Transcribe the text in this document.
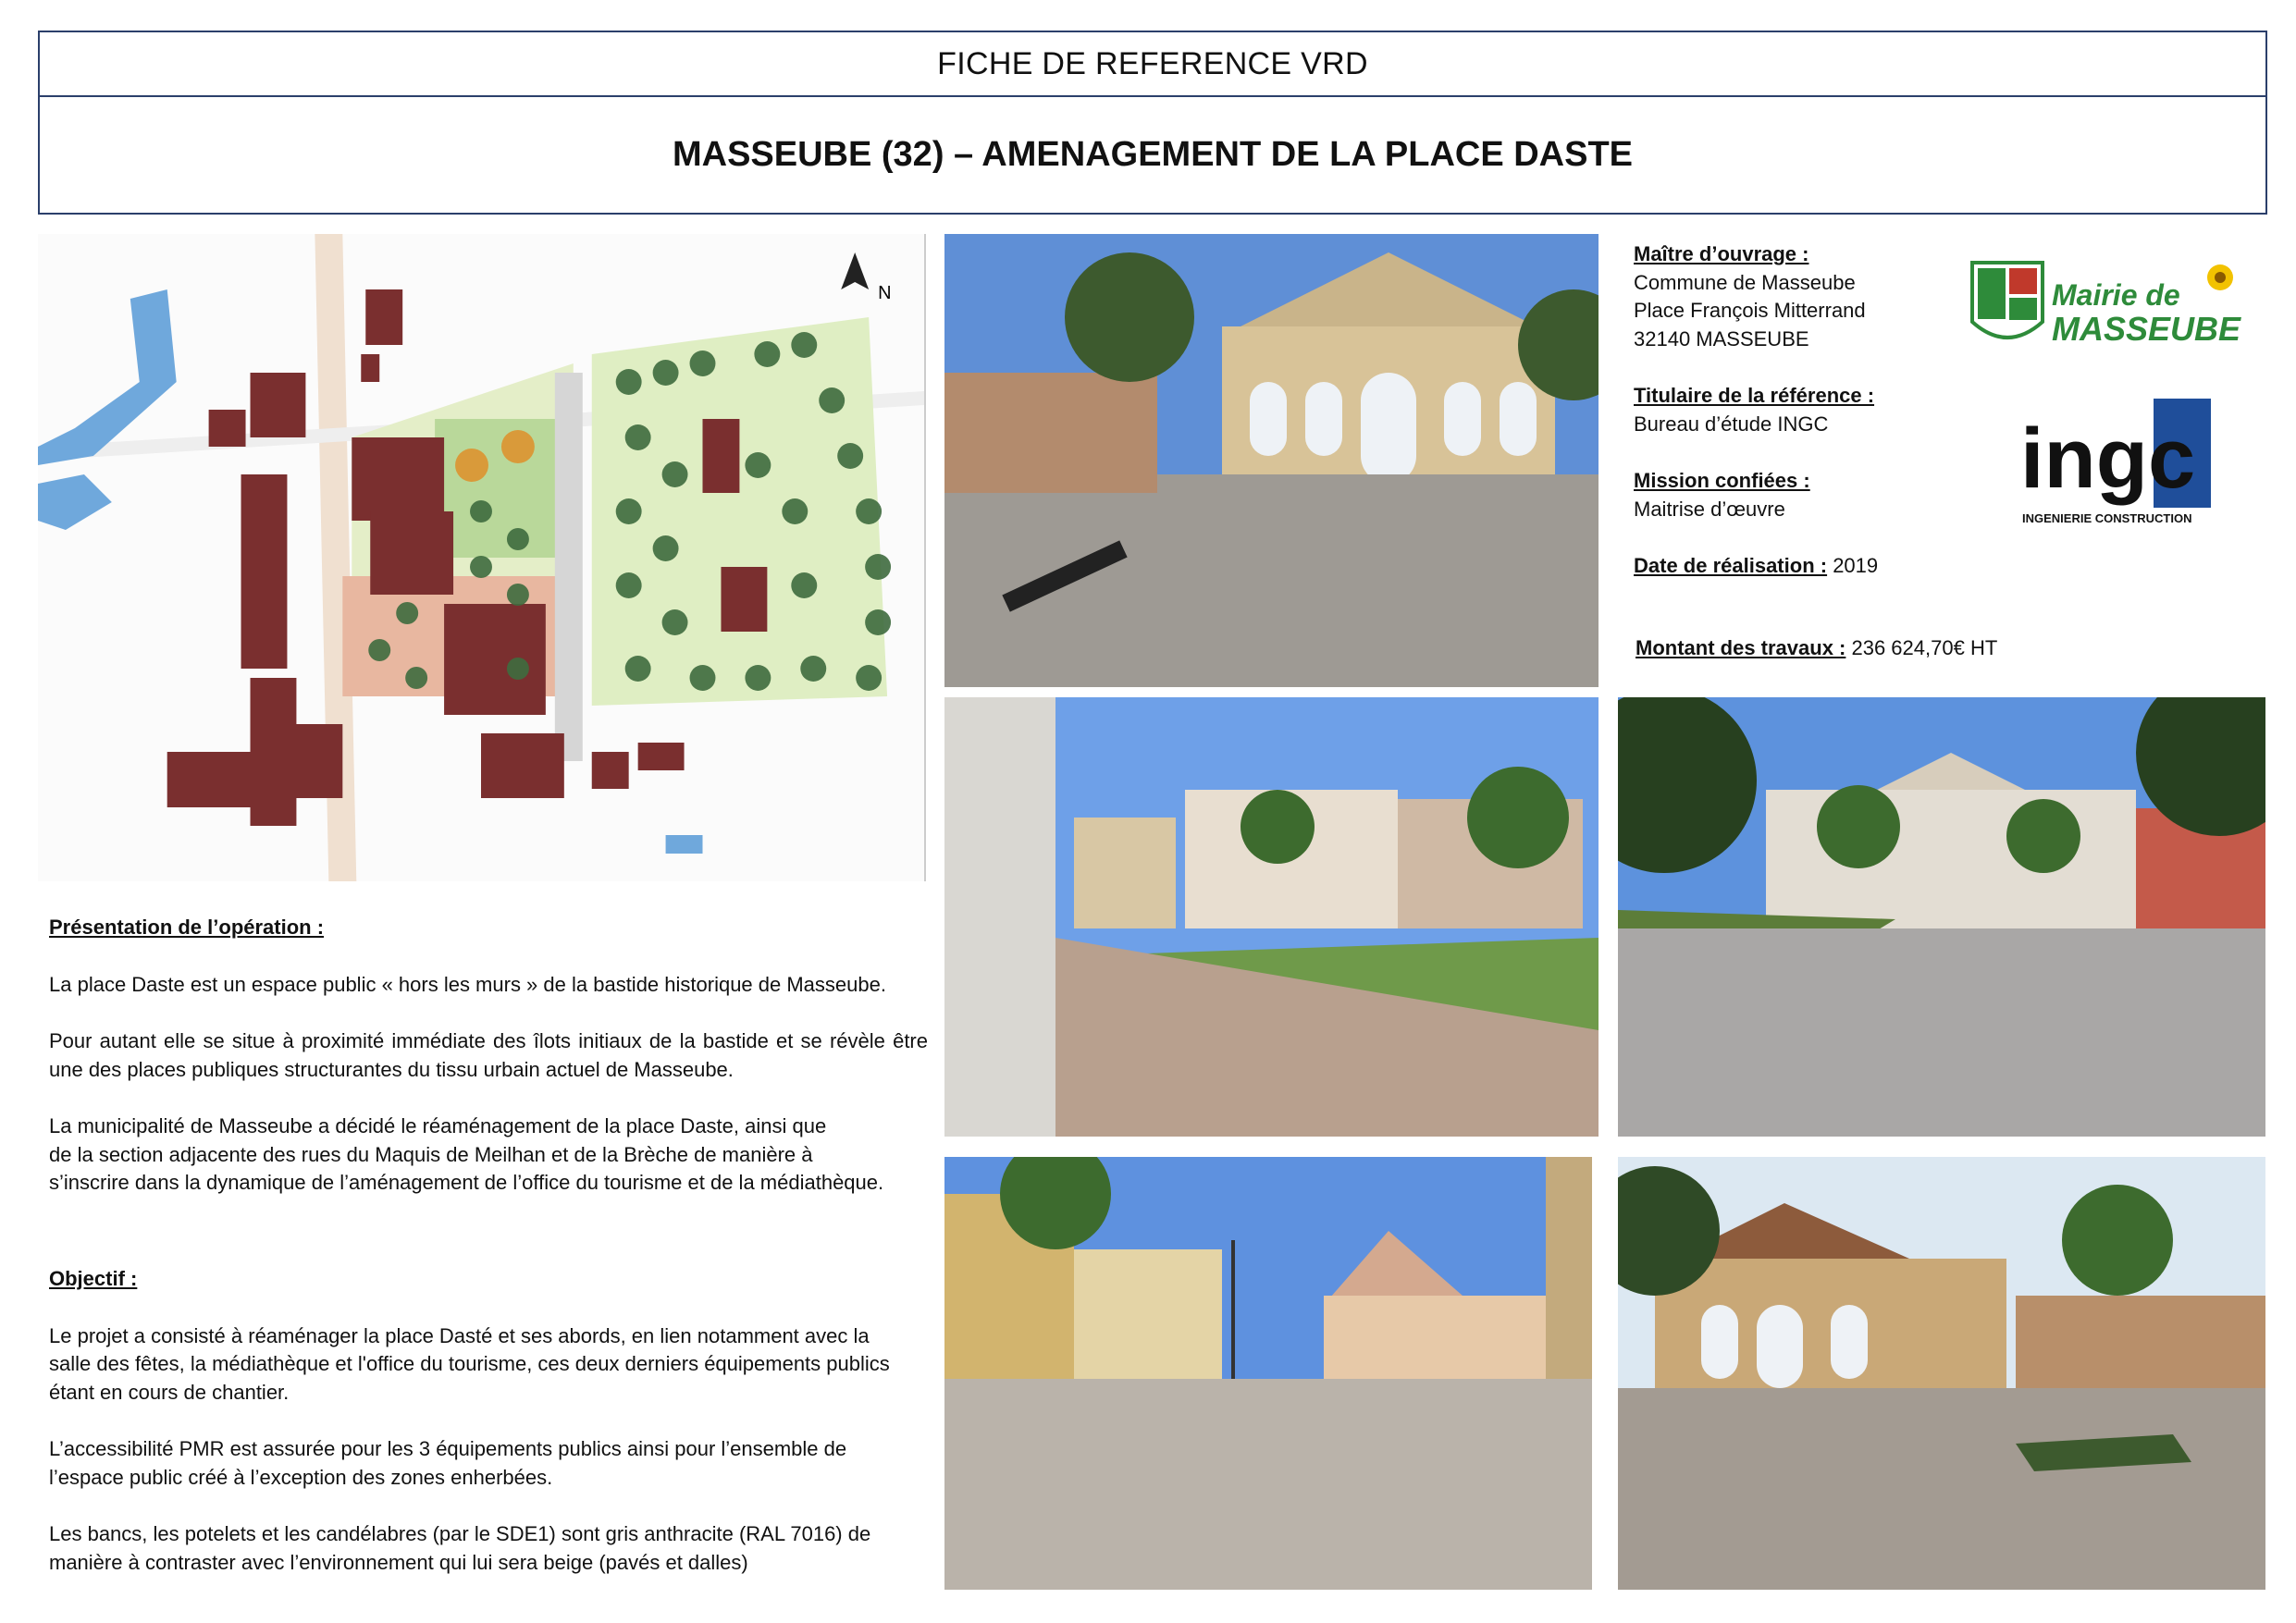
FICHE DE REFERENCE VRD
MASSEUBE (32) – AMENAGEMENT DE LA PLACE DASTE
N
Maître d’ouvrage :
Commune de Masseube
Place François Mitterrand
32140 MASSEUBE
Titulaire de la référence :
Bureau d’étude INGC
Mission confiées :
Maitrise d’œuvre
Date de réalisation : 2019
Montant des travaux : 236 624,70€ HT
Mairie de
MASSEUBE
ingc
INGENIERIE CONSTRUCTION
Présentation de l’opération :
La place Daste est un espace public « hors les murs » de la bastide historique de Masseube.
Pour autant elle se situe à proximité immédiate des îlots initiaux de la bastide et se révèle être une des places publiques structurantes du tissu urbain actuel de Masseube.
La municipalité de Masseube a décidé le réaménagement de la place Daste, ainsi que
de la section adjacente des rues du Maquis de Meilhan et de la Brèche de manière à
s’inscrire dans la dynamique de l’aménagement de l’office du tourisme et de la médiathèque.
Objectif :
Le projet a consisté à réaménager la place Dasté et ses abords, en lien notamment avec la salle des fêtes, la médiathèque et l'office du tourisme, ces deux derniers équipements publics étant en cours de chantier.
L’accessibilité PMR est assurée pour les 3 équipements publics ainsi pour l’ensemble de l’espace public créé à l’exception des zones enherbées.
Les bancs, les potelets et les candélabres (par le SDE1) sont gris anthracite (RAL 7016) de manière à contraster avec l’environnement qui lui sera beige (pavés et dalles)
